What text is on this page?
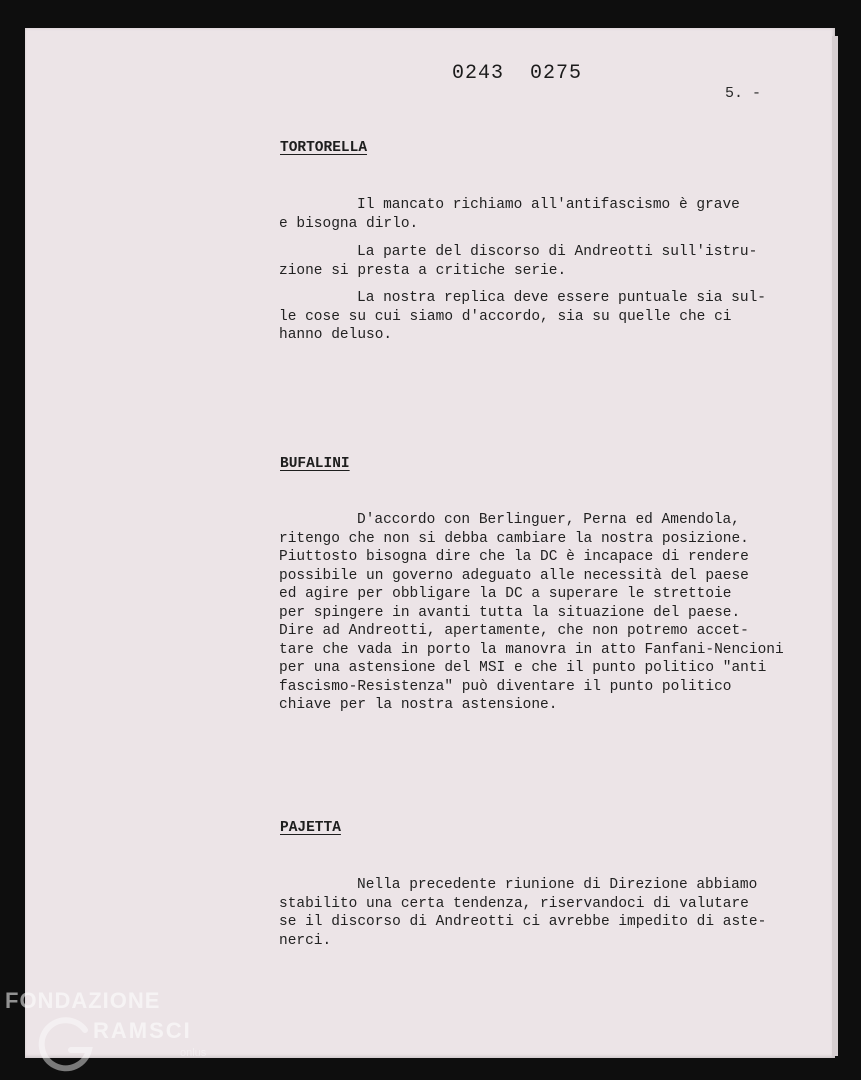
0243  0275
5. -
TORTORELLA

Il mancato richiamo all'antifascismo è grave
e bisogna dirlo.

La parte del discorso di Andreotti sull'istru-
zione si presta a critiche serie.

La nostra replica deve essere puntuale sia sul-
le cose su cui siamo d'accordo, sia su quelle che ci
hanno deluso.

BUFALINI

D'accordo con Berlinguer, Perna ed Amendola,
ritengo che non si debba cambiare la nostra posizione.
Piuttosto bisogna dire che la DC è incapace di rendere
possibile un governo adeguato alle necessità del paese
ed agire per obbligare la DC a superare le strettoie
per spingere in avanti tutta la situazione del paese.
Dire ad Andreotti, apertamente, che non potremo accet-
tare che vada in porto la manovra in atto Fanfani-Nencioni
per una astensione del MSI e che il punto politico "anti
fascismo-Resistenza" può diventare il punto politico
chiave per la nostra astensione.

PAJETTA

Nella precedente riunione di Direzione abbiamo
stabilito una certa tendenza, riservandoci di valutare
se il discorso di Andreotti ci avrebbe impedito di aste-
nerci.

FONDAZIONE
RAMSCI
onlus
